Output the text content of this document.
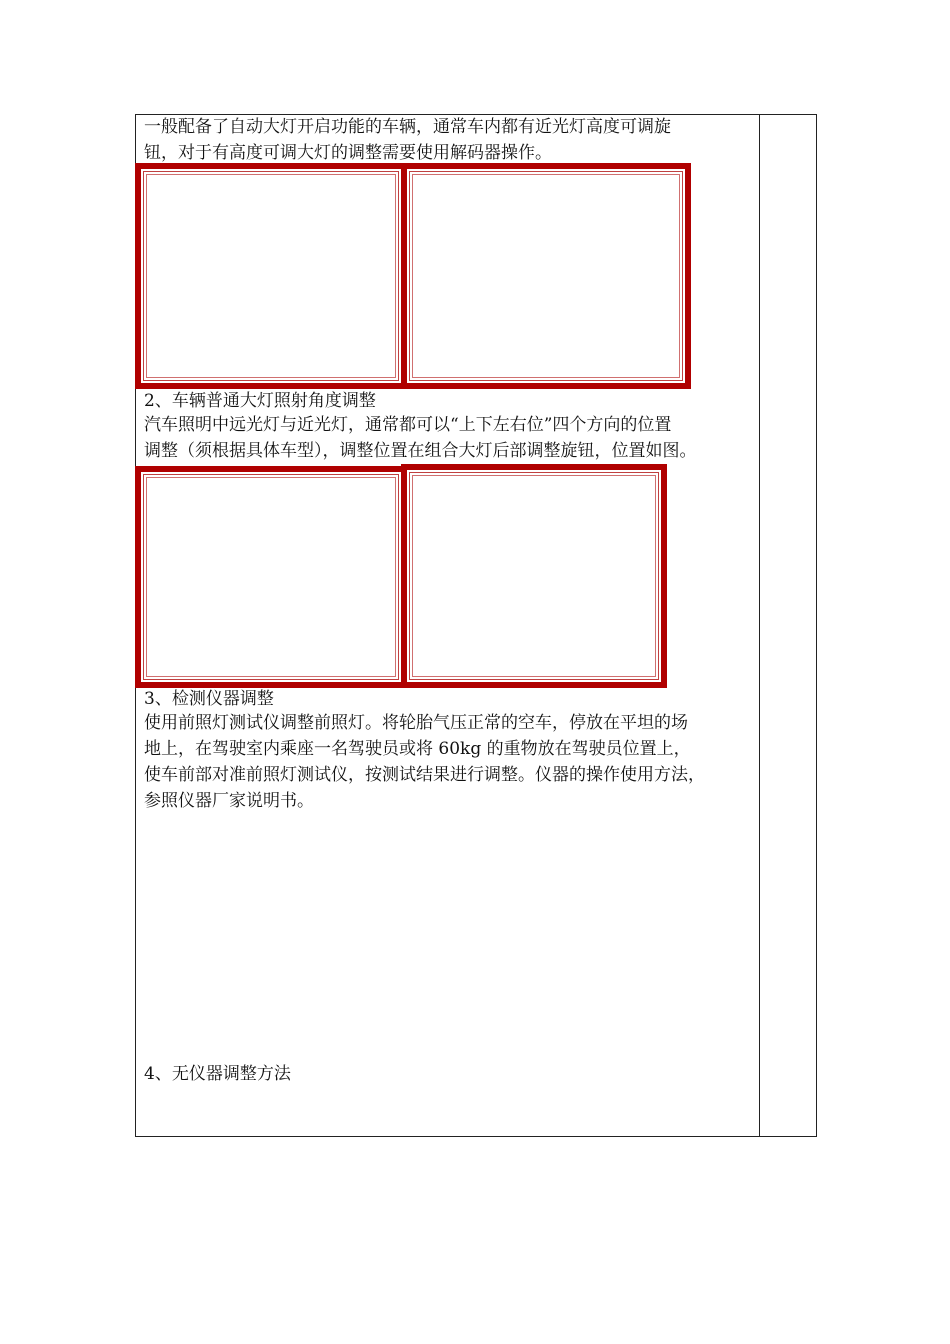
一般配备了自动大灯开启功能的车辆，通常车内都有近光灯高度可调旋
钮，对于有高度可调大灯的调整需要使用解码器操作。
2、车辆普通大灯照射角度调整
汽车照明中远光灯与近光灯，通常都可以“上下左右位”四个方向的位置
调整（须根据具体车型），调整位置在组合大灯后部调整旋钮，位置如图。
3、检测仪器调整
使用前照灯测试仪调整前照灯。将轮胎气压正常的空车，停放在平坦的场
地上，在驾驶室内乘座一名驾驶员或将 60kg 的重物放在驾驶员位置上，
使车前部对准前照灯测试仪，按测试结果进行调整。仪器的操作使用方法，
参照仪器厂家说明书。
4、无仪器调整方法
